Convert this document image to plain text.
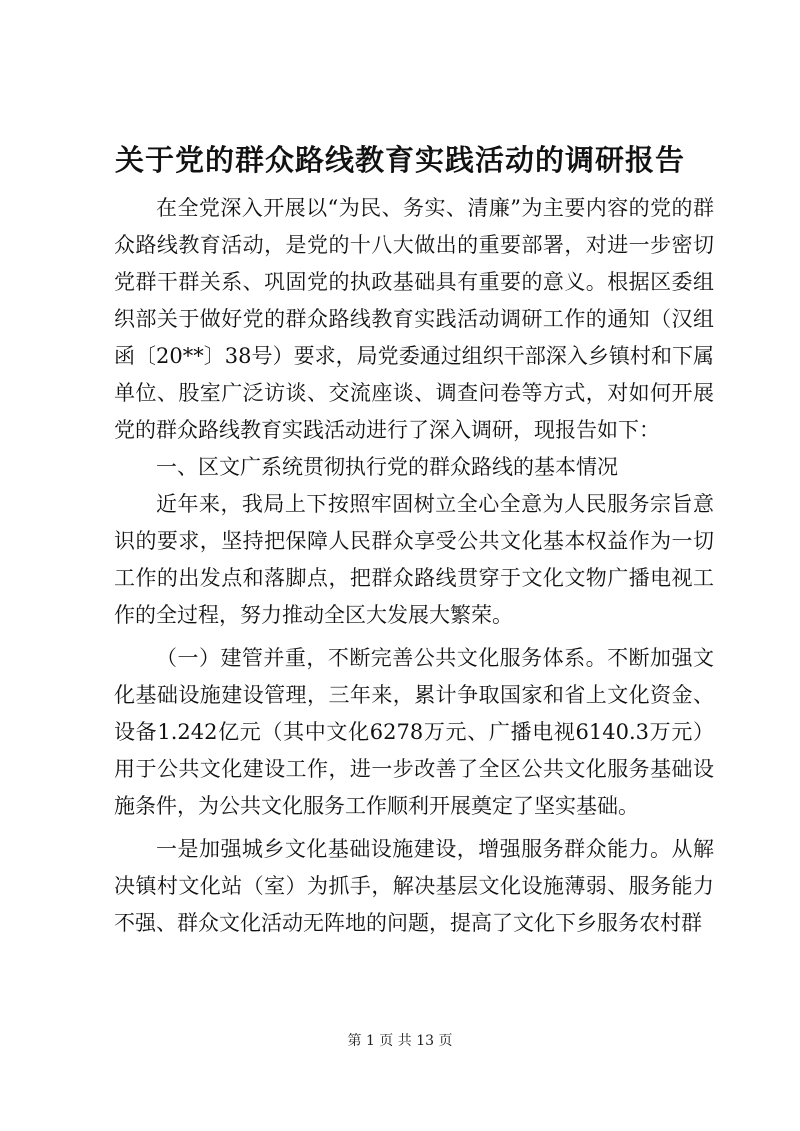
关于党的群众路线教育实践活动的调研报告

在全党深入开展以“为民、务实、清廉”为主要内容的党的群众路线教育活动，是党的十八大做出的重要部署，对进一步密切党群干群关系、巩固党的执政基础具有重要的意义。根据区委组织部关于做好党的群众路线教育实践活动调研工作的通知（汉组函〔20**〕38号）要求，局党委通过组织干部深入乡镇村和下属单位、股室广泛访谈、交流座谈、调查问卷等方式，对如何开展党的群众路线教育实践活动进行了深入调研，现报告如下：

一、区文广系统贯彻执行党的群众路线的基本情况

近年来，我局上下按照牢固树立全心全意为人民服务宗旨意识的要求，坚持把保障人民群众享受公共文化基本权益作为一切工作的出发点和落脚点，把群众路线贯穿于文化文物广播电视工作的全过程，努力推动全区大发展大繁荣。

（一）建管并重，不断完善公共文化服务体系。不断加强文化基础设施建设管理，三年来，累计争取国家和省上文化资金、设备1.242亿元（其中文化6278万元、广播电视6140.3万元）用于公共文化建设工作，进一步改善了全区公共文化服务基础设施条件，为公共文化服务工作顺利开展奠定了坚实基础。

一是加强城乡文化基础设施建设，增强服务群众能力。从解决镇村文化站（室）为抓手，解决基层文化设施薄弱、服务能力不强、群众文化活动无阵地的问题，提高了文化下乡服务农村群

第 1 页 共 13 页
